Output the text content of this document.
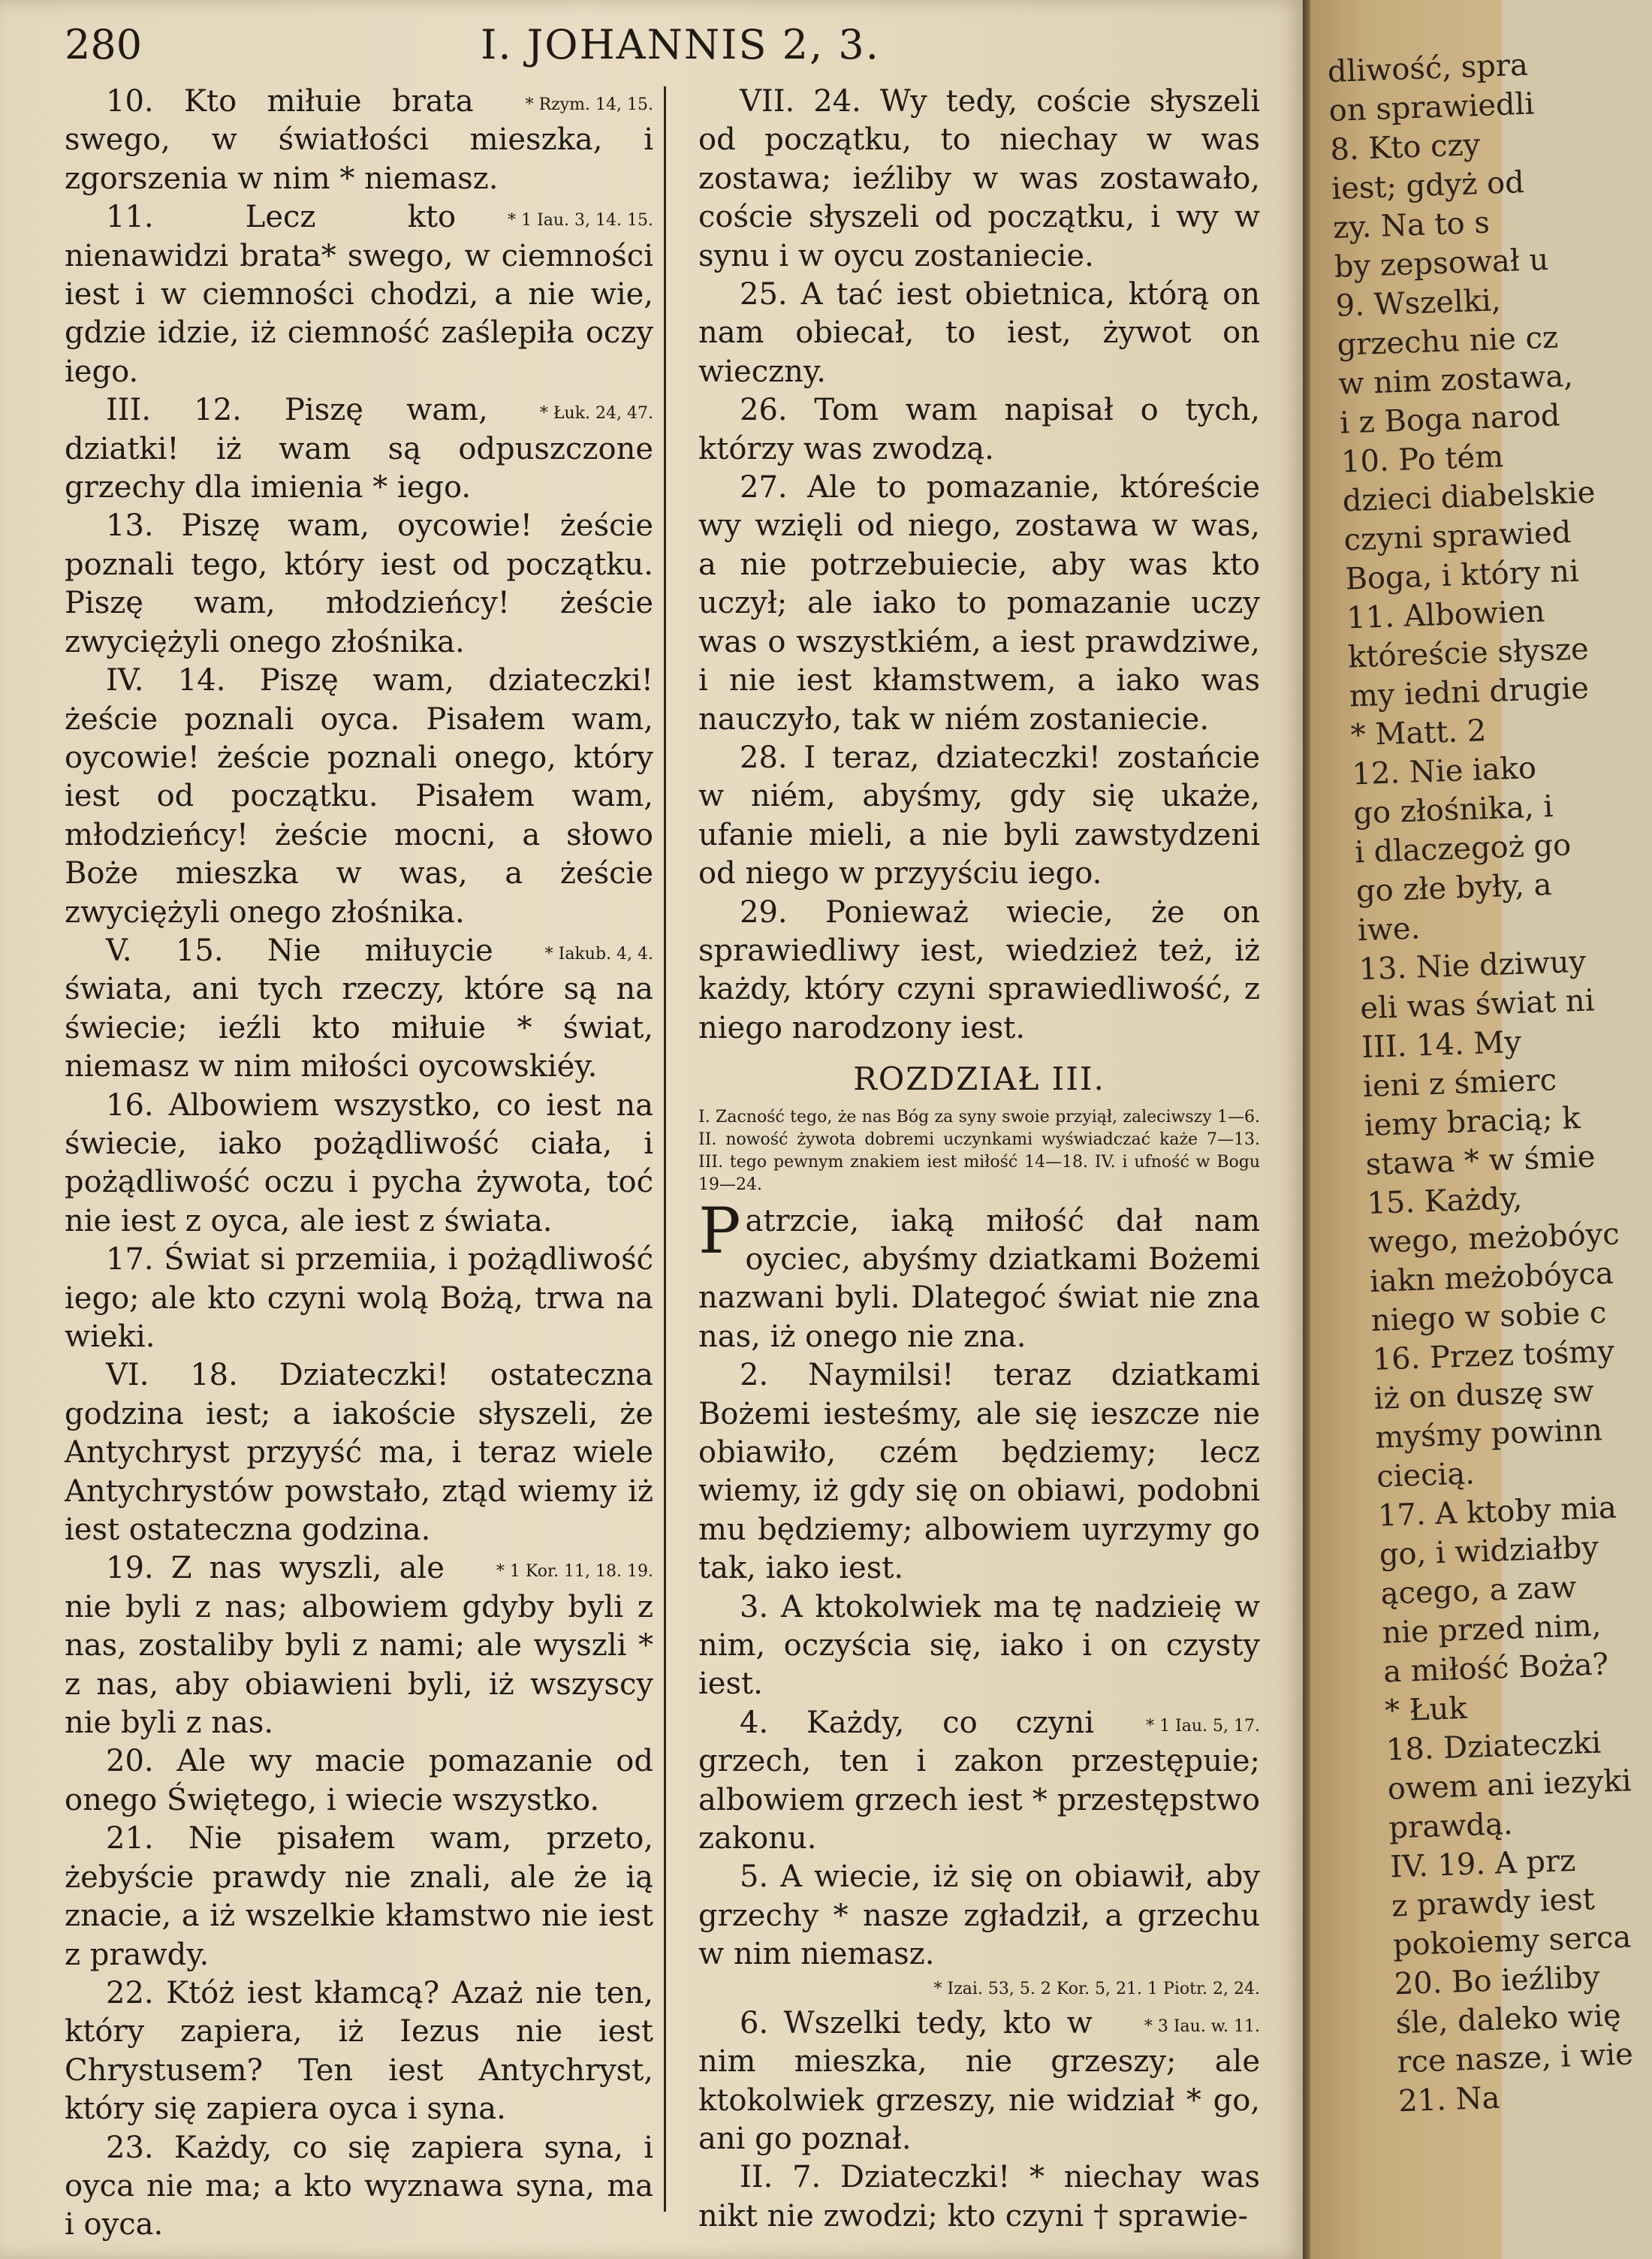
280	I. JOHANNIS 2, 3.

* Rzym. 14, 15.
10. Kto miłuie brata swego, w światłości mieszka, i zgorszenia w nim * niemasz.

* 1 Iau. 3, 14. 15.
11. Lecz kto nienawidzi brata* swego, w ciemności iest i w ciemności chodzi, a nie wie, gdzie idzie, iż ciemność zaślepiła oczy iego.

* Łuk. 24, 47.
III. 12. Piszę wam, dziatki! iż wam są odpuszczone grzechy dla imienia * iego.

13. Piszę wam, oycowie! żeście poznali tego, który iest od początku. Piszę wam, młodzieńcy! żeście zwyciężyli onego złośnika.

IV. 14. Piszę wam, dziateczki! żeście poznali oyca. Pisałem wam, oycowie! żeście poznali onego, który iest od początku. Pisałem wam, młodzieńcy! żeście mocni, a słowo Boże mieszka w was, a żeście zwyciężyli onego złośnika.

* Iakub. 4, 4.
V. 15. Nie miłuycie świata, ani tych rzeczy, które są na świecie; ieźli kto miłuie * świat, niemasz w nim miłości oycowskiéy.

16. Albowiem wszystko, co iest na świecie, iako pożądliwość ciała, i pożądliwość oczu i pycha żywota, toć nie iest z oyca, ale iest z świata.

17. Świat si przemiia, i pożądliwość iego; ale kto czyni wolą Bożą, trwa na wieki.

VI. 18. Dziateczki! ostateczna godzina iest; a iakoście słyszeli, że Antychryst przyyść ma, i teraz wiele Antychrystów powstało, ztąd wiemy iż iest ostateczna godzina.

* 1 Kor. 11, 18. 19.
19. Z nas wyszli, ale nie byli z nas; albowiem gdyby byli z nas, zostaliby byli z nami; ale wyszli * z nas, aby obiawieni byli, iż wszyscy nie byli z nas.

20. Ale wy macie pomazanie od onego Świętego, i wiecie wszystko.

21. Nie pisałem wam, przeto, żebyście prawdy nie znali, ale że ią znacie, a iż wszelkie kłamstwo nie iest z prawdy.

22. Któż iest kłamcą? Azaż nie ten, który zapiera, iż Iezus nie iest Chrystusem? Ten iest Antychryst, który się zapiera oyca i syna.

23. Każdy, co się zapiera syna, i oyca nie ma; a kto wyznawa syna, ma i oyca.

VII. 24. Wy tedy, coście słyszeli od początku, to niechay w was zostawa; ieźliby w was zostawało, coście słyszeli od początku, i wy w synu i w oycu zostaniecie.

25. A tać iest obietnica, którą on nam obiecał, to iest, żywot on wieczny.

26. Tom wam napisał o tych, którzy was zwodzą.

27. Ale to pomazanie, któreście wy wzięli od niego, zostawa w was, a nie potrzebuiecie, aby was kto uczył; ale iako to pomazanie uczy was o wszystkiém, a iest prawdziwe, i nie iest kłamstwem, a iako was nauczyło, tak w niém zostaniecie.

28. I teraz, dziateczki! zostańcie w niém, abyśmy, gdy się ukaże, ufanie mieli, a nie byli zawstydzeni od niego w przyyściu iego.

29. Ponieważ wiecie, że on sprawiedliwy iest, wiedzież też, iż każdy, który czyni sprawiedliwość, z niego narodzony iest.

ROZDZIAŁ III.

I. Zacność tego, że nas Bóg za syny swoie przyiął, zaleciwszy 1—6. II. nowość żywota dobremi uczynkami wyświadczać każe 7—13. III. tego pewnym znakiem iest miłość 14—18. IV. i ufność w Bogu 19—24.

Patrzcie, iaką miłość dał nam oyciec, abyśmy dziatkami Bożemi nazwani byli. Dlategoć świat nie zna nas, iż onego nie zna.

2. Naymilsi! teraz dziatkami Bożemi iesteśmy, ale się ieszcze nie obiawiło, czém będziemy; lecz wiemy, iż gdy się on obiawi, podobni mu będziemy; albowiem uyrzymy go tak, iako iest.

3. A ktokolwiek ma tę nadzieię w nim, oczyścia się, iako i on czysty iest.

* 1 Iau. 5, 17.
4. Każdy, co czyni grzech, ten i zakon przestępuie; albowiem grzech iest * przestępstwo zakonu.

5. A wiecie, iż się on obiawił, aby grzechy * nasze zgładził, a grzechu w nim niemasz.

* Izai. 53, 5. 2 Kor. 5, 21. 1 Piotr. 2, 24.

* 3 Iau. w. 11.
6. Wszelki tedy, kto w nim mieszka, nie grzeszy; ale ktokolwiek grzeszy, nie widział * go, ani go poznał.

II. 7. Dziateczki! * niechay was nikt nie zwodzi; kto czyni † sprawie-

dliwość, spra
on sprawiedli
8. Kto czy
iest; gdyż od
zy. Na to s
by zepsował u
9. Wszelki,
grzechu nie cz
w nim zostawa,
i z Boga narod
10. Po tém
dzieci diabelskie
czyni sprawied
Boga, i który ni
11. Albowien
któreście słysze
my iedni drugie
* Matt. 2
12. Nie iako
go złośnika, i
i dlaczegoż go
go złe były, a
iwe.
13. Nie dziwuy
eli was świat ni
III. 14. My
ieni z śmierc
iemy bracią; k
stawa * w śmie
15. Każdy,
wego, meżobóyc
iakn meżobóyca
niego w sobie c
16. Przez tośmy
iż on duszę sw
myśmy powinn
ciecią.
17. A ktoby mia
go, i widziałby
ącego, a zaw
nie przed nim,
a miłość Boża?
* Łuk
18. Dziateczki
owem ani iezyki
prawdą.
IV. 19. A prz
z prawdy iest
pokoiemy serca
20. Bo ieźliby
śle, daleko wię
rce nasze, i wie
21. Na
